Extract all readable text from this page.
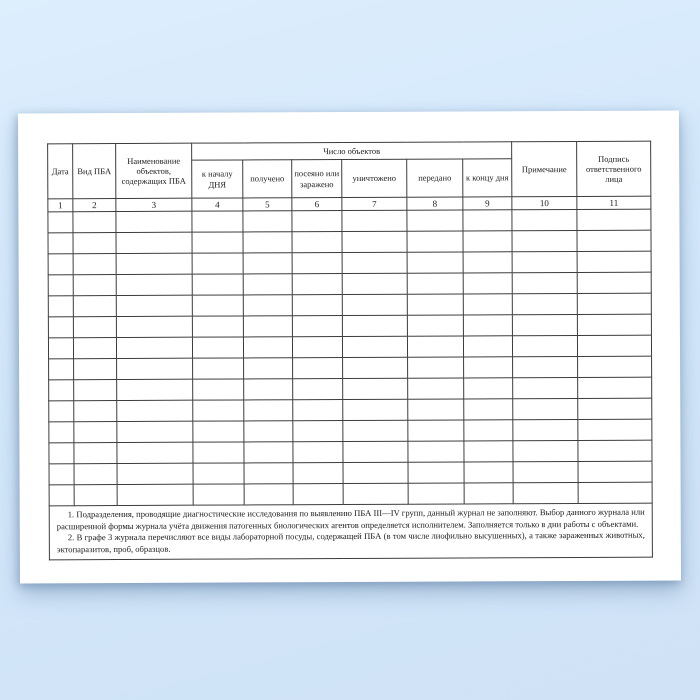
Дата	Вид ПБА	Наименование объектов, содержащих ПБА	Число объектов						Примечание	Подпись ответственного лица
			к началу ДНЯ	получено	посеяно или заражено	уничтожено	передано	к концу дня		
1	2	3	4	5	6	7	8	9	10	11

1. Подразделения, проводящие диагностические исследования по выявлению ПБА III—IV групп, данный журнал не заполняют. Выбор данного журнала или расширенной формы журнала учёта движения патогенных биологических агентов определяется исполнителем. Заполняется только в дни работы с объектами.

2. В графе 3 журнала перечисляют все виды лабораторной посуды, содержащей ПБА (в том числе лиофильно высушенных), а также зараженных животных, эктопаразитов, проб, образцов.										
